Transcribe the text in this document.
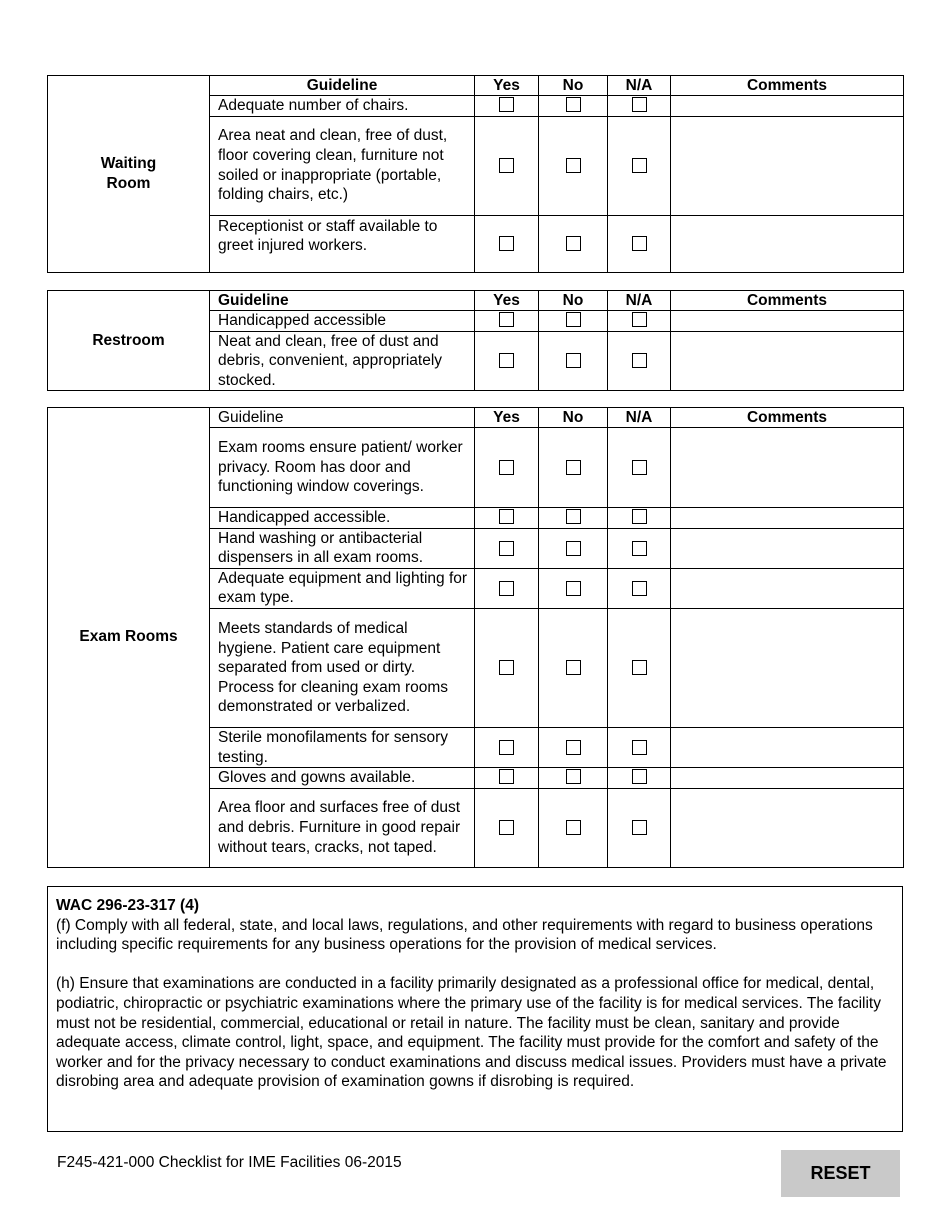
Waiting Room	Guideline	Yes	No	N/A	Comments
	Adequate number of chairs.				
	Area neat and clean, free of dust, floor covering clean, furniture not soiled or inappropriate (portable, folding chairs, etc.)				
	Receptionist or staff available to greet injured workers.				
Restroom	Guideline	Yes	No	N/A	Comments
	Handicapped accessible				
	Neat and clean, free of dust and debris, convenient, appropriately stocked.				
Exam Rooms	Guideline	Yes	No	N/A	Comments
	Exam rooms ensure patient/ worker privacy. Room has door and functioning window coverings.				
	Handicapped accessible.				
	Hand washing or antibacterial dispensers in all exam rooms.				
	Adequate equipment and lighting for exam type.				
	Meets standards of medical hygiene. Patient care equipment separated from used or dirty. Process for cleaning exam rooms demonstrated or verbalized.				
	Sterile monofilaments for sensory testing.				
	Gloves and gowns available.				
	Area floor and surfaces free of dust and debris. Furniture in good repair without tears, cracks, not taped.				

WAC 296-23-317 (4)

(f) Comply with all federal, state, and local laws, regulations, and other requirements with regard to business operations including specific requirements for any business operations for the provision of medical services.

(h) Ensure that examinations are conducted in a facility primarily designated as a professional office for medical, dental, podiatric, chiropractic or psychiatric examinations where the primary use of the facility is for medical services. The facility must not be residential, commercial, educational or retail in nature. The facility must be clean, sanitary and provide adequate access, climate control, light, space, and equipment. The facility must provide for the comfort and safety of the worker and for the privacy necessary to conduct examinations and discuss medical issues. Providers must have a private disrobing area and adequate provision of examination gowns if disrobing is required.

F245-421-000 Checklist for IME Facilities 06-2015
RESET
